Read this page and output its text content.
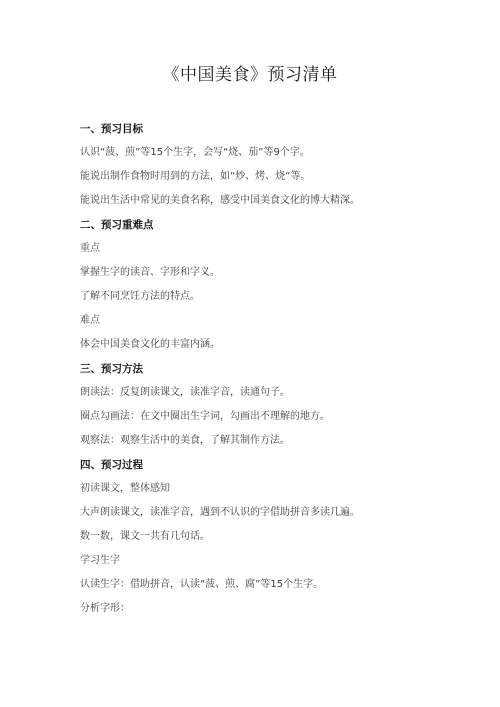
《中国美食》预习清单
一、预习目标
认识“菠、煎”等15个生字，会写“烧、茄”等9个字。
能说出制作食物时用到的方法，如“炒、烤、烧”等。
能说出生活中常见的美食名称，感受中国美食文化的博大精深。
二、预习重难点
重点
掌握生字的读音、字形和字义。
了解不同烹饪方法的特点。
难点
体会中国美食文化的丰富内涵。
三、预习方法
朗读法：反复朗读课文，读准字音，读通句子。
圈点勾画法：在文中圈出生字词，勾画出不理解的地方。
观察法：观察生活中的美食，了解其制作方法。
四、预习过程
初读课文，整体感知
大声朗读课文，读准字音，遇到不认识的字借助拼音多读几遍。
数一数，课文一共有几句话。
学习生字
认读生字：借助拼音，认读“菠、煎、腐”等15个生字。
分析字形：
